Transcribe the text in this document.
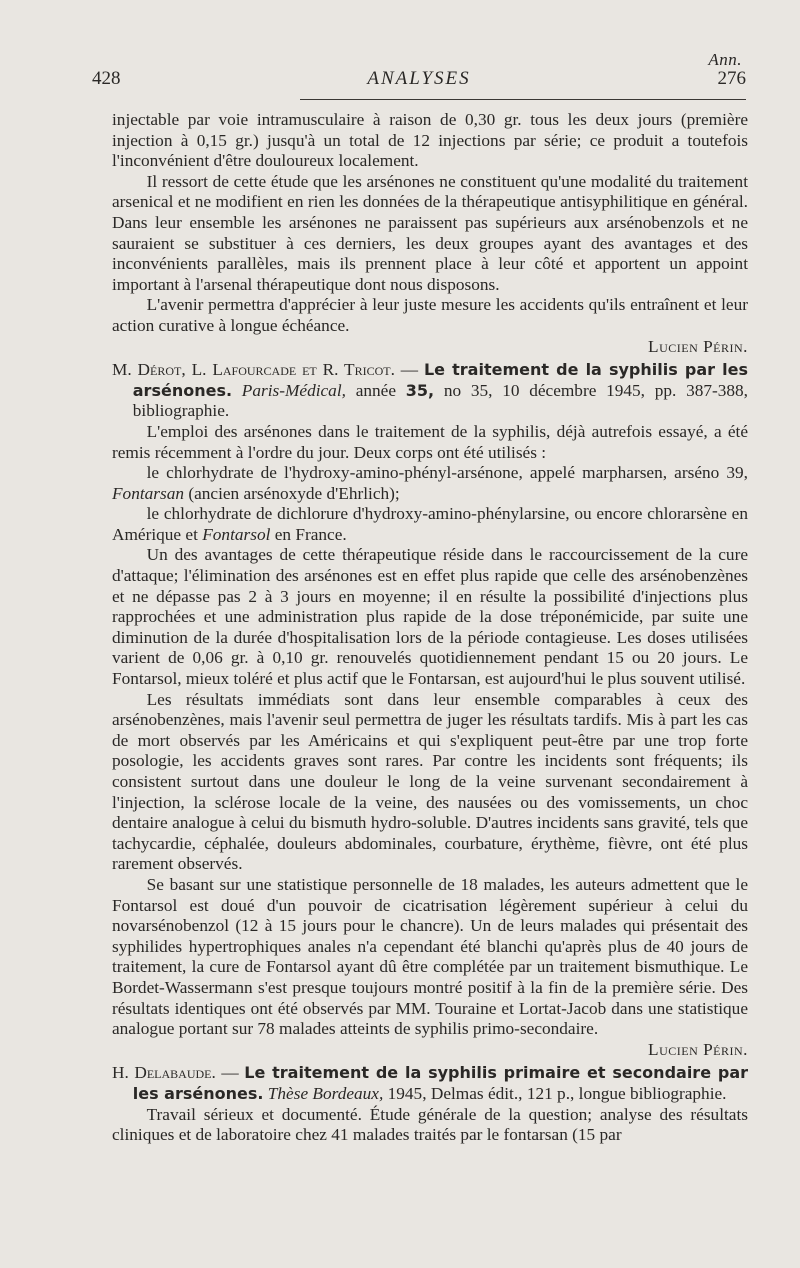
Ann.
428	ANALYSES	276

injectable par voie intramusculaire à raison de 0,30 gr. tous les deux jours (première injection à 0,15 gr.) jusqu'à un total de 12 injections par série; ce produit a toutefois l'inconvénient d'être douloureux localement.

Il ressort de cette étude que les arsénones ne constituent qu'une modalité du traitement arsenical et ne modifient en rien les données de la thérapeutique antisyphilitique en général. Dans leur ensemble les arsénones ne paraissent pas supérieurs aux arsénobenzols et ne sauraient se substituer à ces derniers, les deux groupes ayant des avantages et des inconvénients parallèles, mais ils prennent place à leur côté et apportent un appoint important à l'arsenal thérapeutique dont nous disposons.

L'avenir permettra d'apprécier à leur juste mesure les accidents qu'ils entraînent et leur action curative à longue échéance.

Lucien Périn.

M. Dérot, L. Lafourcade et R. Tricot. — Le traitement de la syphilis par les arsénones. Paris-Médical, année 35, no 35, 10 décembre 1945, pp. 387-388, bibliographie.

L'emploi des arsénones dans le traitement de la syphilis, déjà autrefois essayé, a été remis récemment à l'ordre du jour. Deux corps ont été utilisés :

le chlorhydrate de l'hydroxy-amino-phényl-arsénone, appelé marpharsen, arséno 39, Fontarsan (ancien arsénoxyde d'Ehrlich);

le chlorhydrate de dichlorure d'hydroxy-amino-phénylarsine, ou encore chlorarsène en Amérique et Fontarsol en France.

Un des avantages de cette thérapeutique réside dans le raccourcissement de la cure d'attaque; l'élimination des arsénones est en effet plus rapide que celle des arsénobenzènes et ne dépasse pas 2 à 3 jours en moyenne; il en résulte la possibilité d'injections plus rapprochées et une administration plus rapide de la dose tréponémicide, par suite une diminution de la durée d'hospitalisation lors de la période contagieuse. Les doses utilisées varient de 0,06 gr. à 0,10 gr. renouvelés quotidiennement pendant 15 ou 20 jours. Le Fontarsol, mieux toléré et plus actif que le Fontarsan, est aujourd'hui le plus souvent utilisé.

Les résultats immédiats sont dans leur ensemble comparables à ceux des arsénobenzènes, mais l'avenir seul permettra de juger les résultats tardifs. Mis à part les cas de mort observés par les Américains et qui s'expliquent peut-être par une trop forte posologie, les accidents graves sont rares. Par contre les incidents sont fréquents; ils consistent surtout dans une douleur le long de la veine survenant secondairement à l'injection, la sclérose locale de la veine, des nausées ou des vomissements, un choc dentaire analogue à celui du bismuth hydro-soluble. D'autres incidents sans gravité, tels que tachycardie, céphalée, douleurs abdominales, courbature, érythème, fièvre, ont été plus rarement observés.

Se basant sur une statistique personnelle de 18 malades, les auteurs admettent que le Fontarsol est doué d'un pouvoir de cicatrisation légèrement supérieur à celui du novarsénobenzol (12 à 15 jours pour le chancre). Un de leurs malades qui présentait des syphilides hypertrophiques anales n'a cependant été blanchi qu'après plus de 40 jours de traitement, la cure de Fontarsol ayant dû être complétée par un traitement bismuthique. Le Bordet-Wassermann s'est presque toujours montré positif à la fin de la première série. Des résultats identiques ont été observés par MM. Touraine et Lortat-Jacob dans une statistique analogue portant sur 78 malades atteints de syphilis primo-secondaire.

Lucien Périn.

H. Delabaude. — Le traitement de la syphilis primaire et secondaire par les arsénones. Thèse Bordeaux, 1945, Delmas édit., 121 p., longue bibliographie.

Travail sérieux et documenté. Étude générale de la question; analyse des résultats cliniques et de laboratoire chez 41 malades traités par le fontarsan (15 par
